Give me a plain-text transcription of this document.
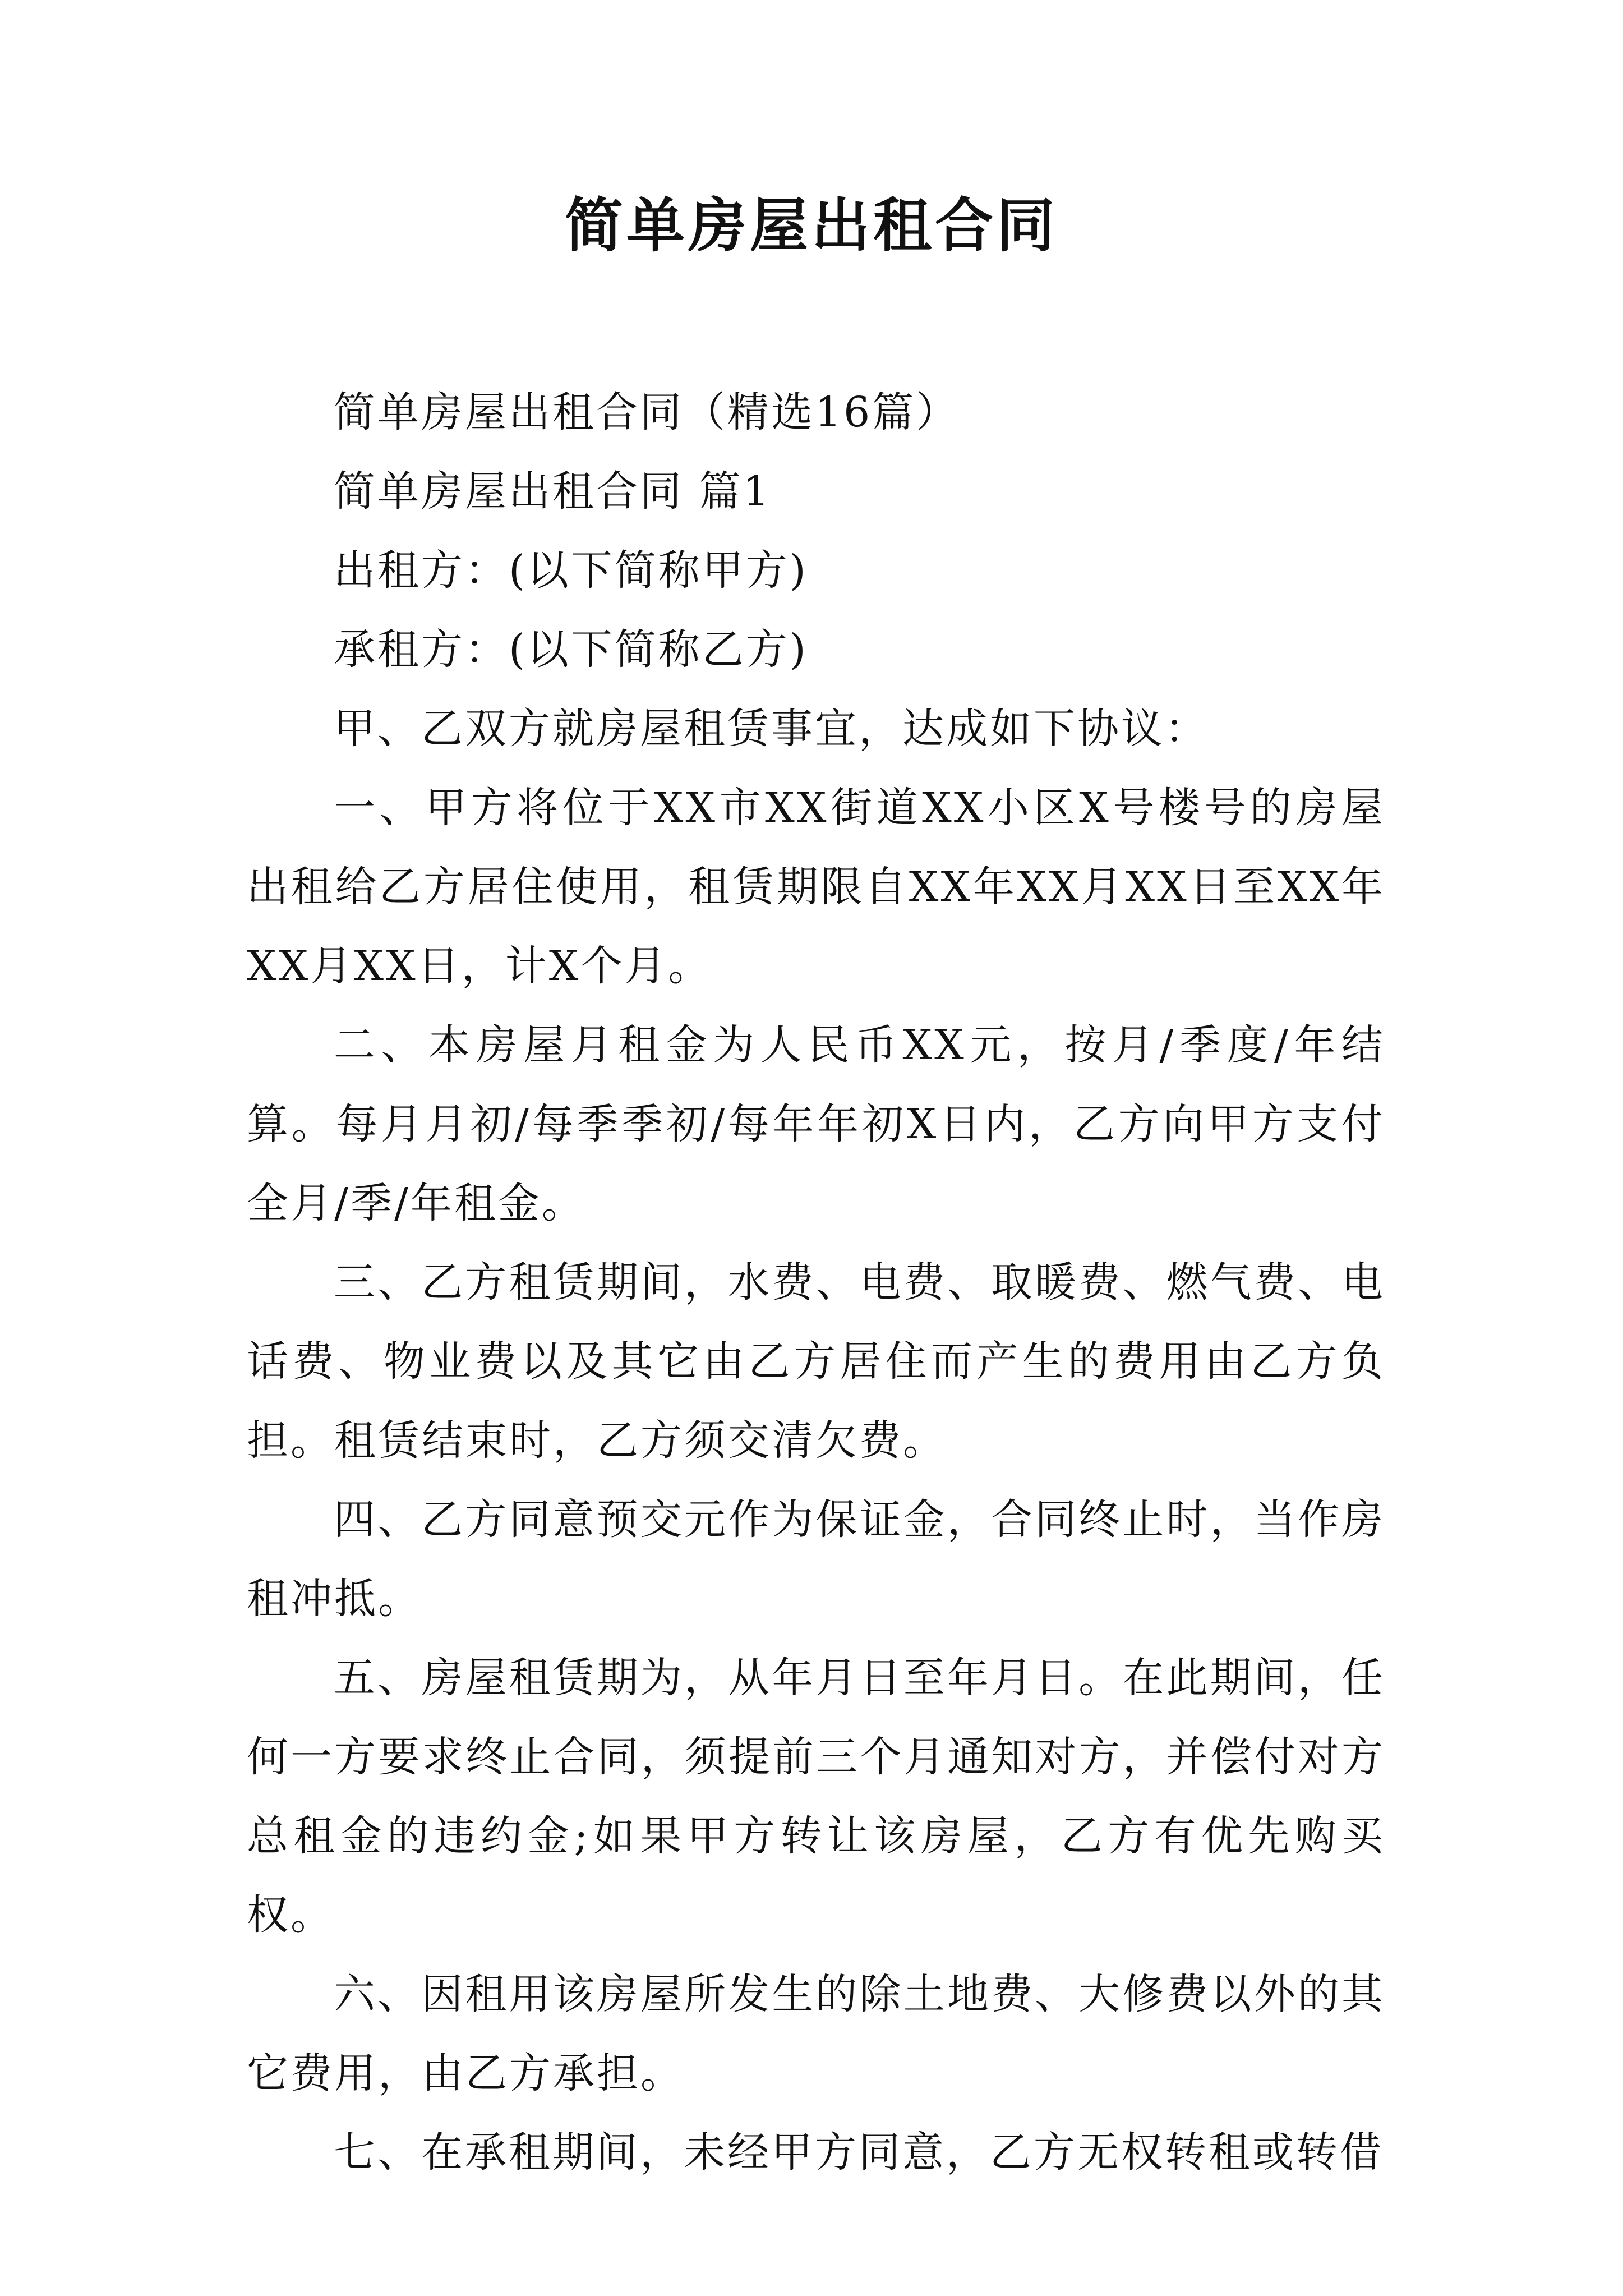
简单房屋出租合同

简单房屋出租合同（精选16篇）

简单房屋出租合同 篇1

出租方：(以下简称甲方)

承租方：(以下简称乙方)

甲、乙双方就房屋租赁事宜，达成如下协议：

一、甲方将位于XX市XX街道XX小区X号楼号的房屋出租给乙方居住使用，租赁期限自XX年XX月XX日至XX年XX月XX日，计X个月。

二、本房屋月租金为人民币XX元，按月/季度/年结算。每月月初/每季季初/每年年初X日内，乙方向甲方支付全月/季/年租金。

三、乙方租赁期间，水费、电费、取暖费、燃气费、电话费、物业费以及其它由乙方居住而产生的费用由乙方负担。租赁结束时，乙方须交清欠费。

四、乙方同意预交元作为保证金，合同终止时，当作房租冲抵。

五、房屋租赁期为，从年月日至年月日。在此期间，任何一方要求终止合同，须提前三个月通知对方，并偿付对方总租金的违约金;如果甲方转让该房屋，乙方有优先购买权。

六、因租用该房屋所发生的除土地费、大修费以外的其它费用，由乙方承担。

七、在承租期间，未经甲方同意，乙方无权转租或转借
